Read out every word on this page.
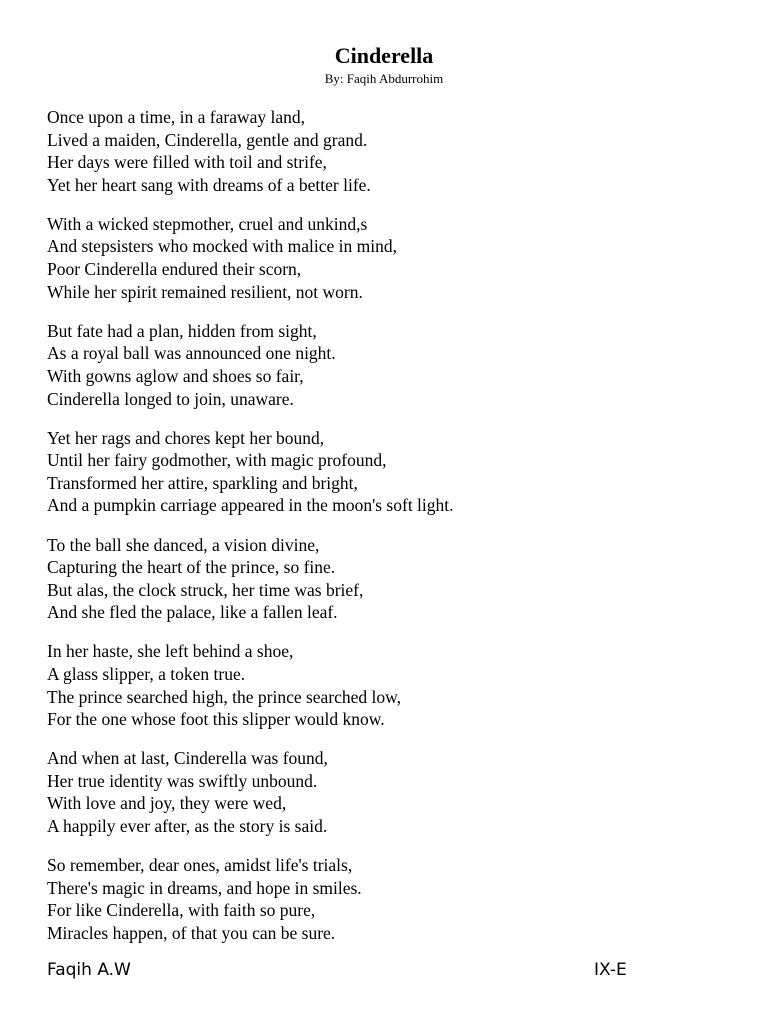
Cinderella
By: Faqih Abdurrohim
Once upon a time, in a faraway land,
Lived a maiden, Cinderella, gentle and grand.
Her days were filled with toil and strife,
Yet her heart sang with dreams of a better life.
With a wicked stepmother, cruel and unkind,s
And stepsisters who mocked with malice in mind,
Poor Cinderella endured their scorn,
While her spirit remained resilient, not worn.
But fate had a plan, hidden from sight,
As a royal ball was announced one night.
With gowns aglow and shoes so fair,
Cinderella longed to join, unaware.
Yet her rags and chores kept her bound,
Until her fairy godmother, with magic profound,
Transformed her attire, sparkling and bright,
And a pumpkin carriage appeared in the moon's soft light.
To the ball she danced, a vision divine,
Capturing the heart of the prince, so fine.
But alas, the clock struck, her time was brief,
And she fled the palace, like a fallen leaf.
In her haste, she left behind a shoe,
A glass slipper, a token true.
The prince searched high, the prince searched low,
For the one whose foot this slipper would know.
And when at last, Cinderella was found,
Her true identity was swiftly unbound.
With love and joy, they were wed,
A happily ever after, as the story is said.
So remember, dear ones, amidst life's trials,
There's magic in dreams, and hope in smiles.
For like Cinderella, with faith so pure,
Miracles happen, of that you can be sure.
Faqih A.W	IX-E
